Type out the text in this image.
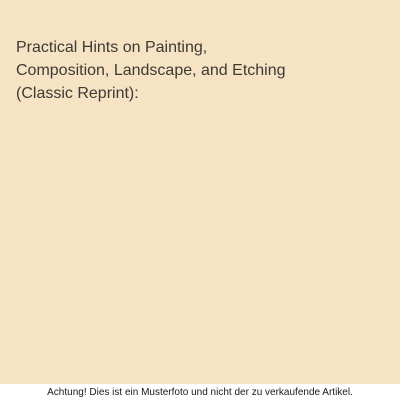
Practical Hints on Painting, Composition, Landscape, and Etching (Classic Reprint):
Achtung! Dies ist ein Musterfoto und nicht der zu verkaufende Artikel.
